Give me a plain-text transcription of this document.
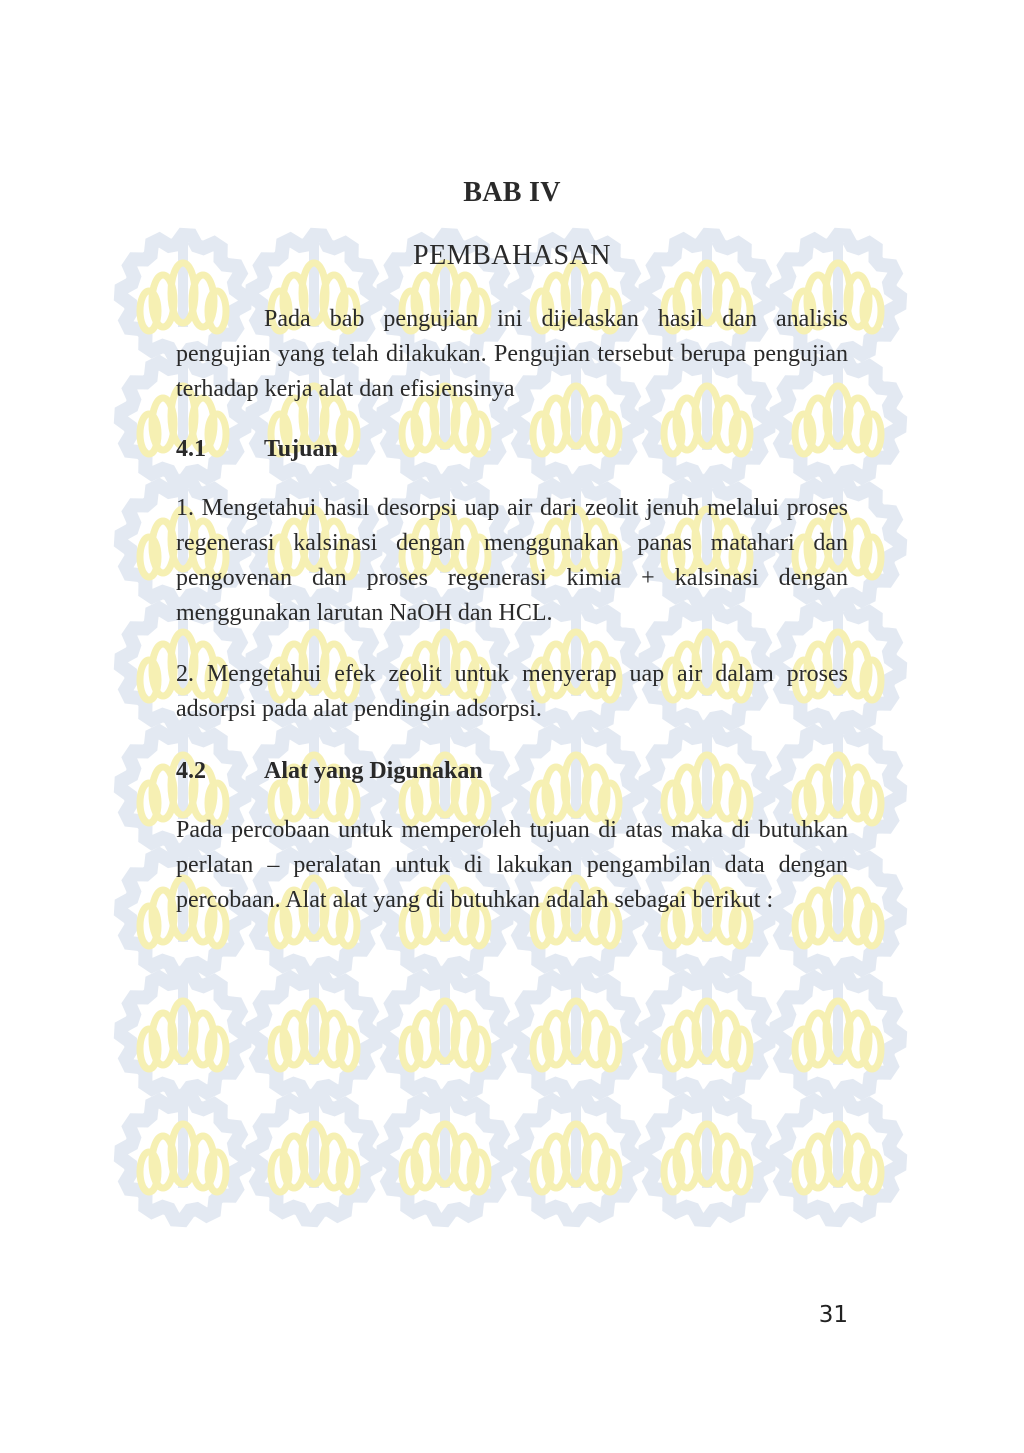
BAB IV
PEMBAHASAN

Pada bab pengujian ini dijelaskan hasil dan analisis pengujian yang telah dilakukan. Pengujian tersebut berupa pengujian terhadap kerja alat dan efisiensinya

4.1 Tujuan

1. Mengetahui hasil desorpsi uap air dari zeolit jenuh melalui proses regenerasi kalsinasi dengan menggunakan panas matahari dan pengovenan dan proses regenerasi kimia + kalsinasi dengan menggunakan larutan NaOH dan HCL.

2. Mengetahui efek zeolit untuk menyerap uap air dalam proses adsorpsi pada alat pendingin adsorpsi.

4.2 Alat yang Digunakan

Pada percobaan untuk memperoleh tujuan di atas maka di butuhkan perlatan – peralatan untuk di lakukan pengambilan data dengan percobaan. Alat alat yang di butuhkan adalah sebagai berikut :

31
